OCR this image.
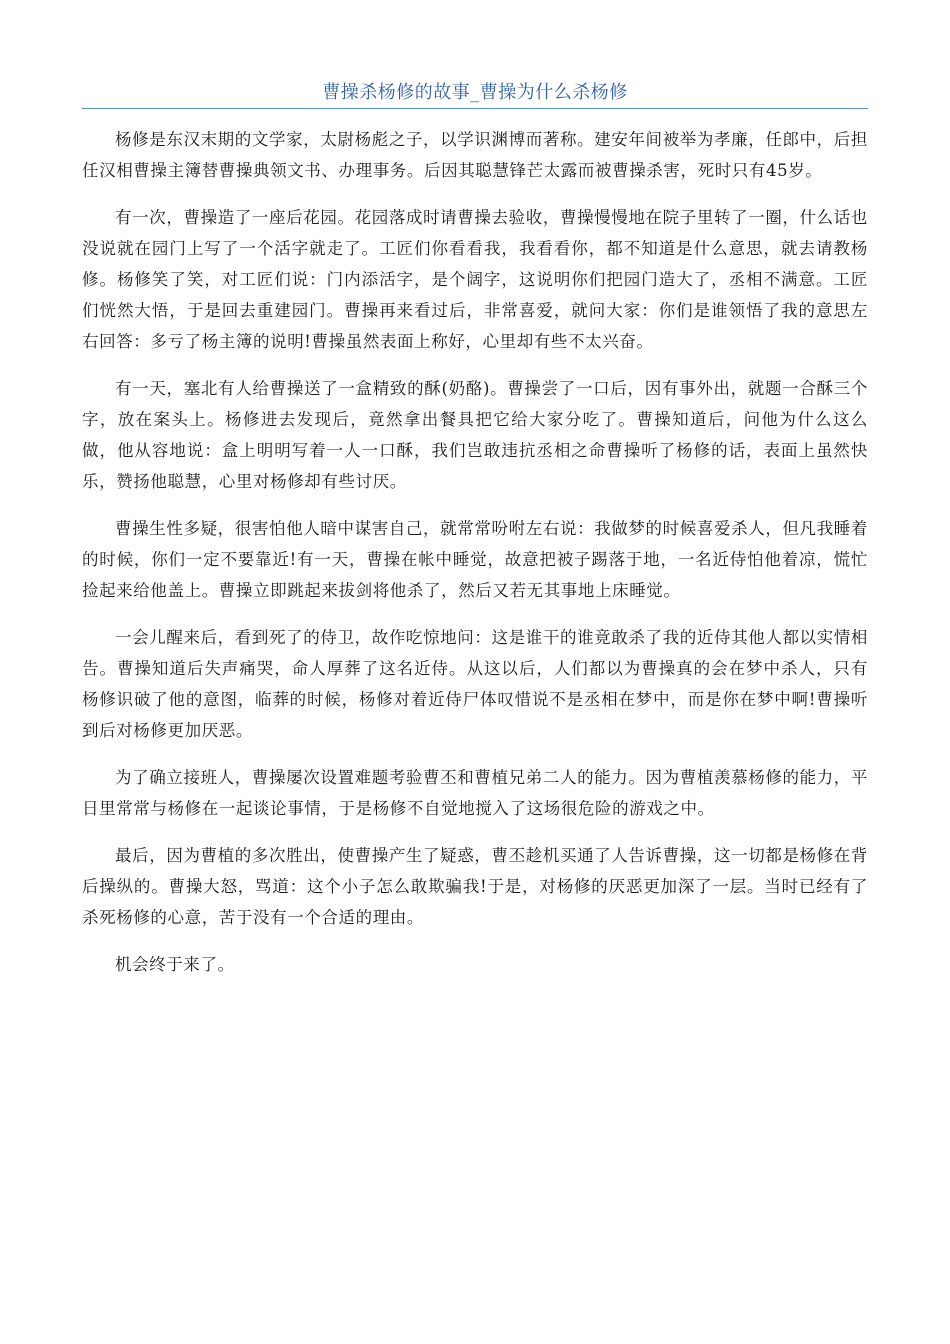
曹操杀杨修的故事_曹操为什么杀杨修

杨修是东汉末期的文学家，太尉杨彪之子，以学识渊博而著称。建安年间被举为孝廉，任郎中，后担任汉相曹操主簿替曹操典领文书、办理事务。后因其聪慧锋芒太露而被曹操杀害，死时只有45岁。

有一次，曹操造了一座后花园。花园落成时请曹操去验收，曹操慢慢地在院子里转了一圈，什么话也没说就在园门上写了一个活字就走了。工匠们你看看我，我看看你，都不知道是什么意思，就去请教杨修。杨修笑了笑，对工匠们说：门内添活字，是个阔字，这说明你们把园门造大了，丞相不满意。工匠们恍然大悟，于是回去重建园门。曹操再来看过后，非常喜爱，就问大家：你们是谁领悟了我的意思左右回答：多亏了杨主簿的说明!曹操虽然表面上称好，心里却有些不太兴奋。

有一天，塞北有人给曹操送了一盒精致的酥(奶酪)。曹操尝了一口后，因有事外出，就题一合酥三个字，放在案头上。杨修进去发现后，竟然拿出餐具把它给大家分吃了。曹操知道后，问他为什么这么做，他从容地说：盒上明明写着一人一口酥，我们岂敢违抗丞相之命曹操听了杨修的话，表面上虽然快乐，赞扬他聪慧，心里对杨修却有些讨厌。

曹操生性多疑，很害怕他人暗中谋害自己，就常常吩咐左右说：我做梦的时候喜爱杀人，但凡我睡着的时候，你们一定不要靠近!有一天，曹操在帐中睡觉，故意把被子踢落于地，一名近侍怕他着凉，慌忙捡起来给他盖上。曹操立即跳起来拔剑将他杀了，然后又若无其事地上床睡觉。

一会儿醒来后，看到死了的侍卫，故作吃惊地问：这是谁干的谁竟敢杀了我的近侍其他人都以实情相告。曹操知道后失声痛哭，命人厚葬了这名近侍。从这以后，人们都以为曹操真的会在梦中杀人，只有杨修识破了他的意图，临葬的时候，杨修对着近侍尸体叹惜说不是丞相在梦中，而是你在梦中啊!曹操听到后对杨修更加厌恶。

为了确立接班人，曹操屡次设置难题考验曹丕和曹植兄弟二人的能力。因为曹植羡慕杨修的能力，平日里常常与杨修在一起谈论事情，于是杨修不自觉地搅入了这场很危险的游戏之中。

最后，因为曹植的多次胜出，使曹操产生了疑惑，曹丕趁机买通了人告诉曹操，这一切都是杨修在背后操纵的。曹操大怒，骂道：这个小子怎么敢欺骗我!于是，对杨修的厌恶更加深了一层。当时已经有了杀死杨修的心意，苦于没有一个合适的理由。

机会终于来了。
